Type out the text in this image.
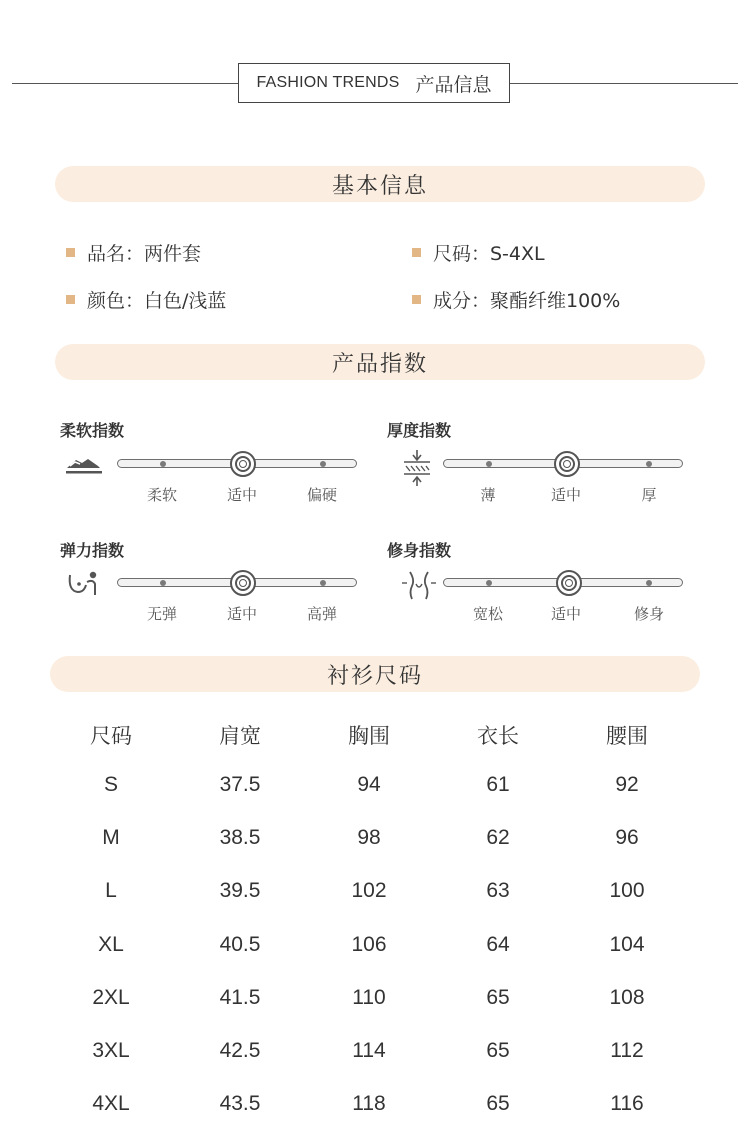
FASHION TRENDS 产品信息
基本信息
品名：两件套	尺码：S-4XL
颜色：白色/浅蓝	成分：聚酯纤维100%
产品指数
柔软指数
柔软	适中	偏硬
厚度指数
薄	适中	厚
弹力指数
无弹	适中	高弹
修身指数
宽松	适中	修身
衬衫尺码
尺码	肩宽	胸围	衣长	腰围
S	37.5	94	61	92
M	38.5	98	62	96
L	39.5	102	63	100
XL	40.5	106	64	104
2XL	41.5	110	65	108
3XL	42.5	114	65	112
4XL	43.5	118	65	116
